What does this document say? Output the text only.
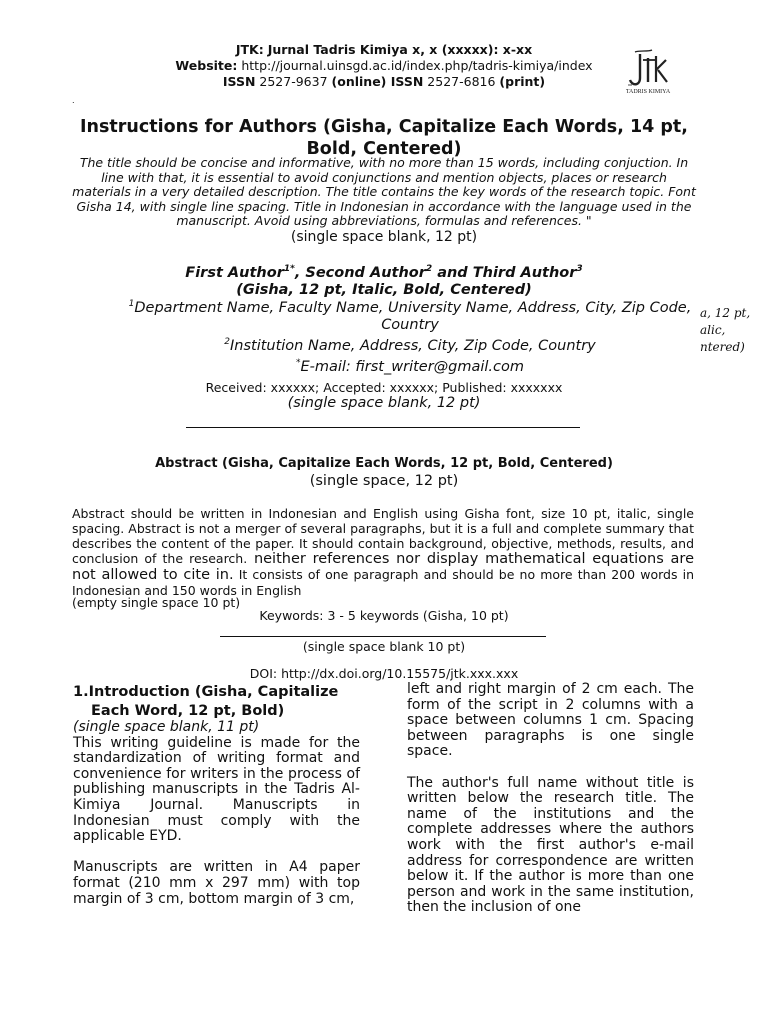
JTK: Jurnal Tadris Kimiya x, x (xxxxx): x-xx
Website: http://journal.uinsgd.ac.id/index.php/tadris-kimiya/index
ISSN 2527-9637 (online) ISSN 2527-6816 (print)
TADRIS KIMIYA
.
Instructions for Authors (Gisha, Capitalize Each Words, 14 pt, Bold, Centered)
The title should be concise and informative, with no more than 15 words, including conjuction. In line with that, it is essential to avoid conjunctions and mention objects, places or research materials in a very detailed description. The title contains the key words of the research topic. Font Gisha 14, with single line spacing. Title in Indonesian in accordance with the language used in the manuscript. Avoid using abbreviations, formulas and references. "
(single space blank, 12 pt)
First Author$^{1*}$, Second Author$^2$ and Third Author$^3$
(Gisha, 12 pt, Italic, Bold, Centered)
$^1$Department Name, Faculty Name, University Name, Address, City, Zip Code, Country
$^2$Institution Name, Address, City, Zip Code, Country
*E-mail: first_writer@gmail.com
a, 12 pt,
alic,
ntered)
Received: xxxxxx; Accepted: xxxxxx; Published: xxxxxxx
(single space blank, 12 pt)
Abstract (Gisha, Capitalize Each Words, 12 pt, Bold, Centered)
(single space, 12 pt)
Abstract should be written in Indonesian and English using Gisha font, size 10 pt, italic, single spacing. Abstract is not a merger of several paragraphs, but it is a full and complete summary that describes the content of the paper. It should contain background, objective, methods, results, and conclusion of the research. neither references nor display mathematical equations are not allowed to cite in. It consists of one paragraph and should be no more than 200 words in Indonesian and 150 words in English
(empty single space 10 pt)
Keywords: 3 - 5 keywords (Gisha, 10 pt)
(single space blank 10 pt)
DOI: http://dx.doi.org/10.15575/jtk.xxx.xxx
1.Introduction (Gisha, Capitalize Each Word, 12 pt, Bold)

(single space blank, 11 pt)

This writing guideline is made for the standardization of writing format and convenience for writers in the process of publishing manuscripts in the Tadris Al-Kimiya Journal. Manuscripts in Indonesian must comply with the applicable EYD.

Manuscripts are written in A4 paper format (210 mm x 297 mm) with top margin of 3 cm, bottom margin of 3 cm,

left and right margin of 2 cm each. The form of the script in 2 columns with a space between columns 1 cm. Spacing between paragraphs is one single space.

The author's full name without title is written below the research title. The name of the institutions and the complete addresses where the authors work with the first author's e-mail address for correspondence are written below it. If the author is more than one person and work in the same institution, then the inclusion of one
